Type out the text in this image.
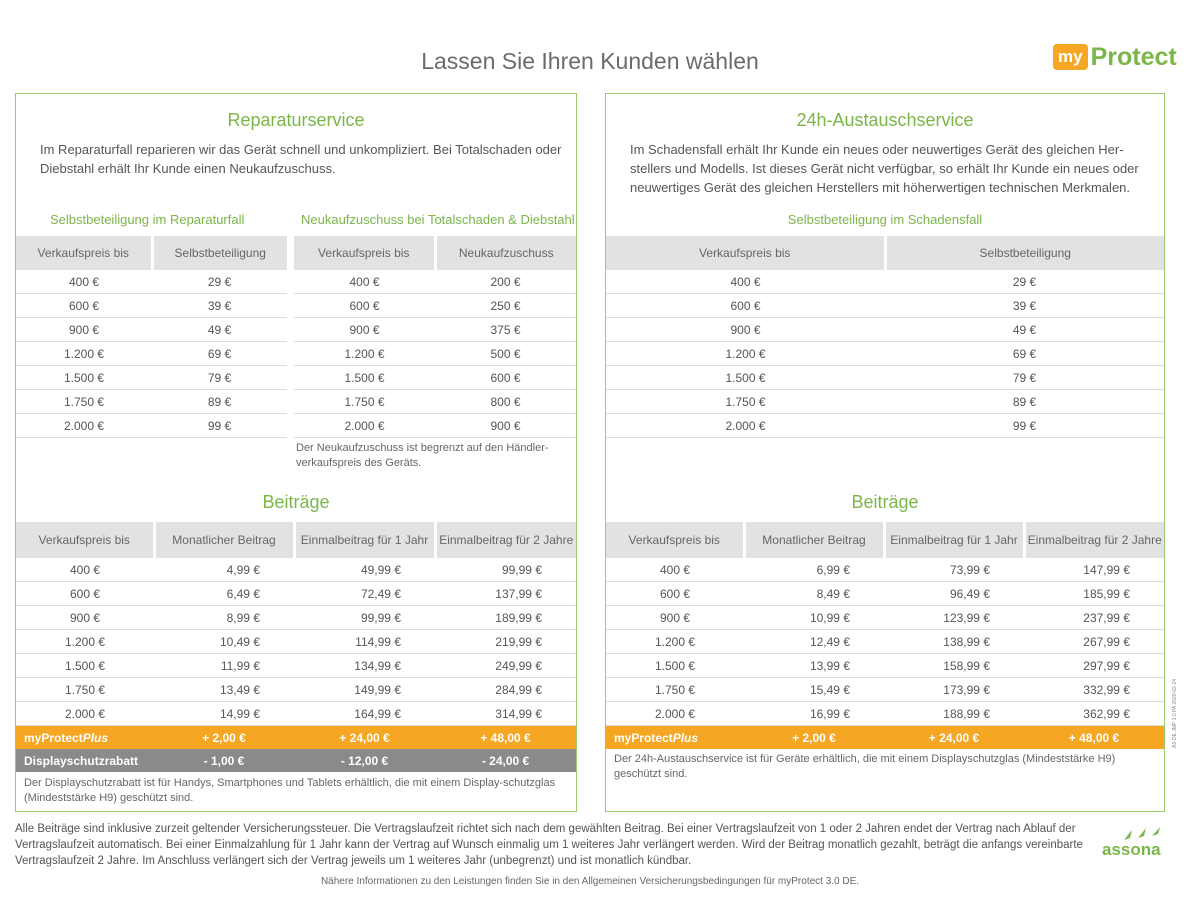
Lassen Sie Ihren Kunden wählen	my Protect
Reparaturservice
Im Reparaturfall reparieren wir das Gerät schnell und unkompliziert. Bei Totalschaden oder Diebstahl erhält Ihr Kunde einen Neukaufzuschuss.
Selbstbeteiligung im Reparaturfall	Neukaufzuschuss bei Totalschaden & Diebstahl
Verkaufspreis bis	Selbstbeteiligung
400 €	29 €
600 €	39 €
900 €	49 €
1.200 €	69 €
1.500 €	79 €
1.750 €	89 €
2.000 €	99 €
Verkaufspreis bis	Neukaufzuschuss
400 €	200 €
600 €	250 €
900 €	375 €
1.200 €	500 €
1.500 €	600 €
1.750 €	800 €
2.000 €	900 €
Der Neukaufzuschuss ist begrenzt auf den Händler-verkaufspreis des Geräts.
Beiträge
Verkaufspreis bis	Monatlicher Beitrag	Einmalbeitrag für 1 Jahr	Einmalbeitrag für 2 Jahre
400 €	4,99 €	49,99 €	99,99 €
600 €	6,49 €	72,49 €	137,99 €
900 €	8,99 €	99,99 €	189,99 €
1.200 €	10,49 €	114,99 €	219,99 €
1.500 €	11,99 €	134,99 €	249,99 €
1.750 €	13,49 €	149,99 €	284,99 €
2.000 €	14,99 €	164,99 €	314,99 €
myProtectPlus	+ 2,00 €	+ 24,00 €	+ 48,00 €
Displayschutzrabatt	- 1,00 €	- 12,00 €	- 24,00 €
Der Displayschutzrabatt ist für Handys, Smartphones und Tablets erhältlich, die mit einem Display-schutzglas (Mindeststärke H9) geschützt sind.
24h-Austauschservice
Im Schadensfall erhält Ihr Kunde ein neues oder neuwertiges Gerät des gleichen Her-stellers und Modells. Ist dieses Gerät nicht verfügbar, so erhält Ihr Kunde ein neues oder neuwertiges Gerät des gleichen Herstellers mit höherwertigen technischen Merkmalen.
Selbstbeteiligung im Schadensfall
Verkaufspreis bis	Selbstbeteiligung
400 €	29 €
600 €	39 €
900 €	49 €
1.200 €	69 €
1.500 €	79 €
1.750 €	89 €
2.000 €	99 €
Beiträge
Verkaufspreis bis	Monatlicher Beitrag	Einmalbeitrag für 1 Jahr	Einmalbeitrag für 2 Jahre
400 €	6,99 €	73,99 €	147,99 €
600 €	8,49 €	96,49 €	185,99 €
900 €	10,99 €	123,99 €	237,99 €
1.200 €	12,49 €	138,99 €	267,99 €
1.500 €	13,99 €	158,99 €	297,99 €
1.750 €	15,49 €	173,99 €	332,99 €
2.000 €	16,99 €	188,99 €	362,99 €
myProtectPlus	+ 2,00 €	+ 24,00 €	+ 48,00 €
Der 24h-Austauschservice ist für Geräte erhältlich, die mit einem Displayschutzglas (Mindeststärke H9) geschützt sind.
Alle Beiträge sind inklusive zurzeit geltender Versicherungssteuer. Die Vertragslaufzeit richtet sich nach dem gewählten Beitrag. Bei einer Vertragslaufzeit von 1 oder 2 Jahren endet der Vertrag nach Ablauf der Vertragslaufzeit automatisch. Bei einer Einmalzahlung für 1 Jahr kann der Vertrag auf Wunsch einmalig um 1 weiteres Jahr verlängert werden. Wird der Beitrag monatlich gezahlt, beträgt die anfangs vereinbarte Vertragslaufzeit 2 Jahre. Im Anschluss verlängert sich der Vertrag jeweils um 1 weiteres Jahr (unbegrenzt) und ist monatlich kündbar.
Nähere Informationen zu den Leistungen finden Sie in den Allgemeinen Versicherungsbedingungen für myProtect 3.0 DE.
assona
AS DE JMP 3.0 PA 2020-02-24
